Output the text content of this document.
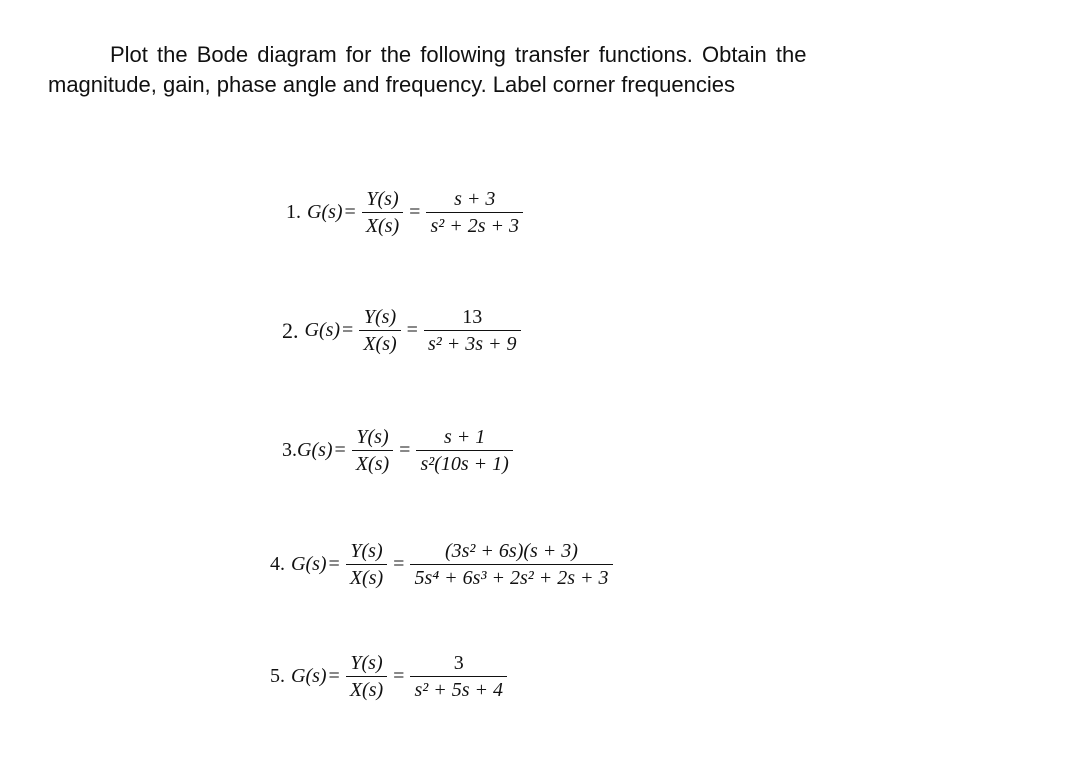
Plot the Bode diagram for the following transfer functions. Obtain the
magnitude, gain, phase angle and frequency. Label corner frequencies
1. $G(s) = \frac{Y(s)}{X(s)} = \frac{s + 3}{\text{s² + 2s + 3}}$
2. $G(s) = \frac{Y(s)}{X(s)} = \frac{13}{\text{s² + 3s + 9}}$
3. $G(s) = \frac{Y(s)}{X(s)} = \frac{s + 1}{\text{s²(10s + 1)}}$
4. $G(s) = \frac{Y(s)}{X(s)} = \frac{\text{(3s² + 6s)(s + 3)}}{\text{5s⁴ + 6s³ + 2s² + 2s + 3}}$
5. $G(s) = \frac{Y(s)}{X(s)} = \frac{3}{\text{s² + 5s + 4}}$
